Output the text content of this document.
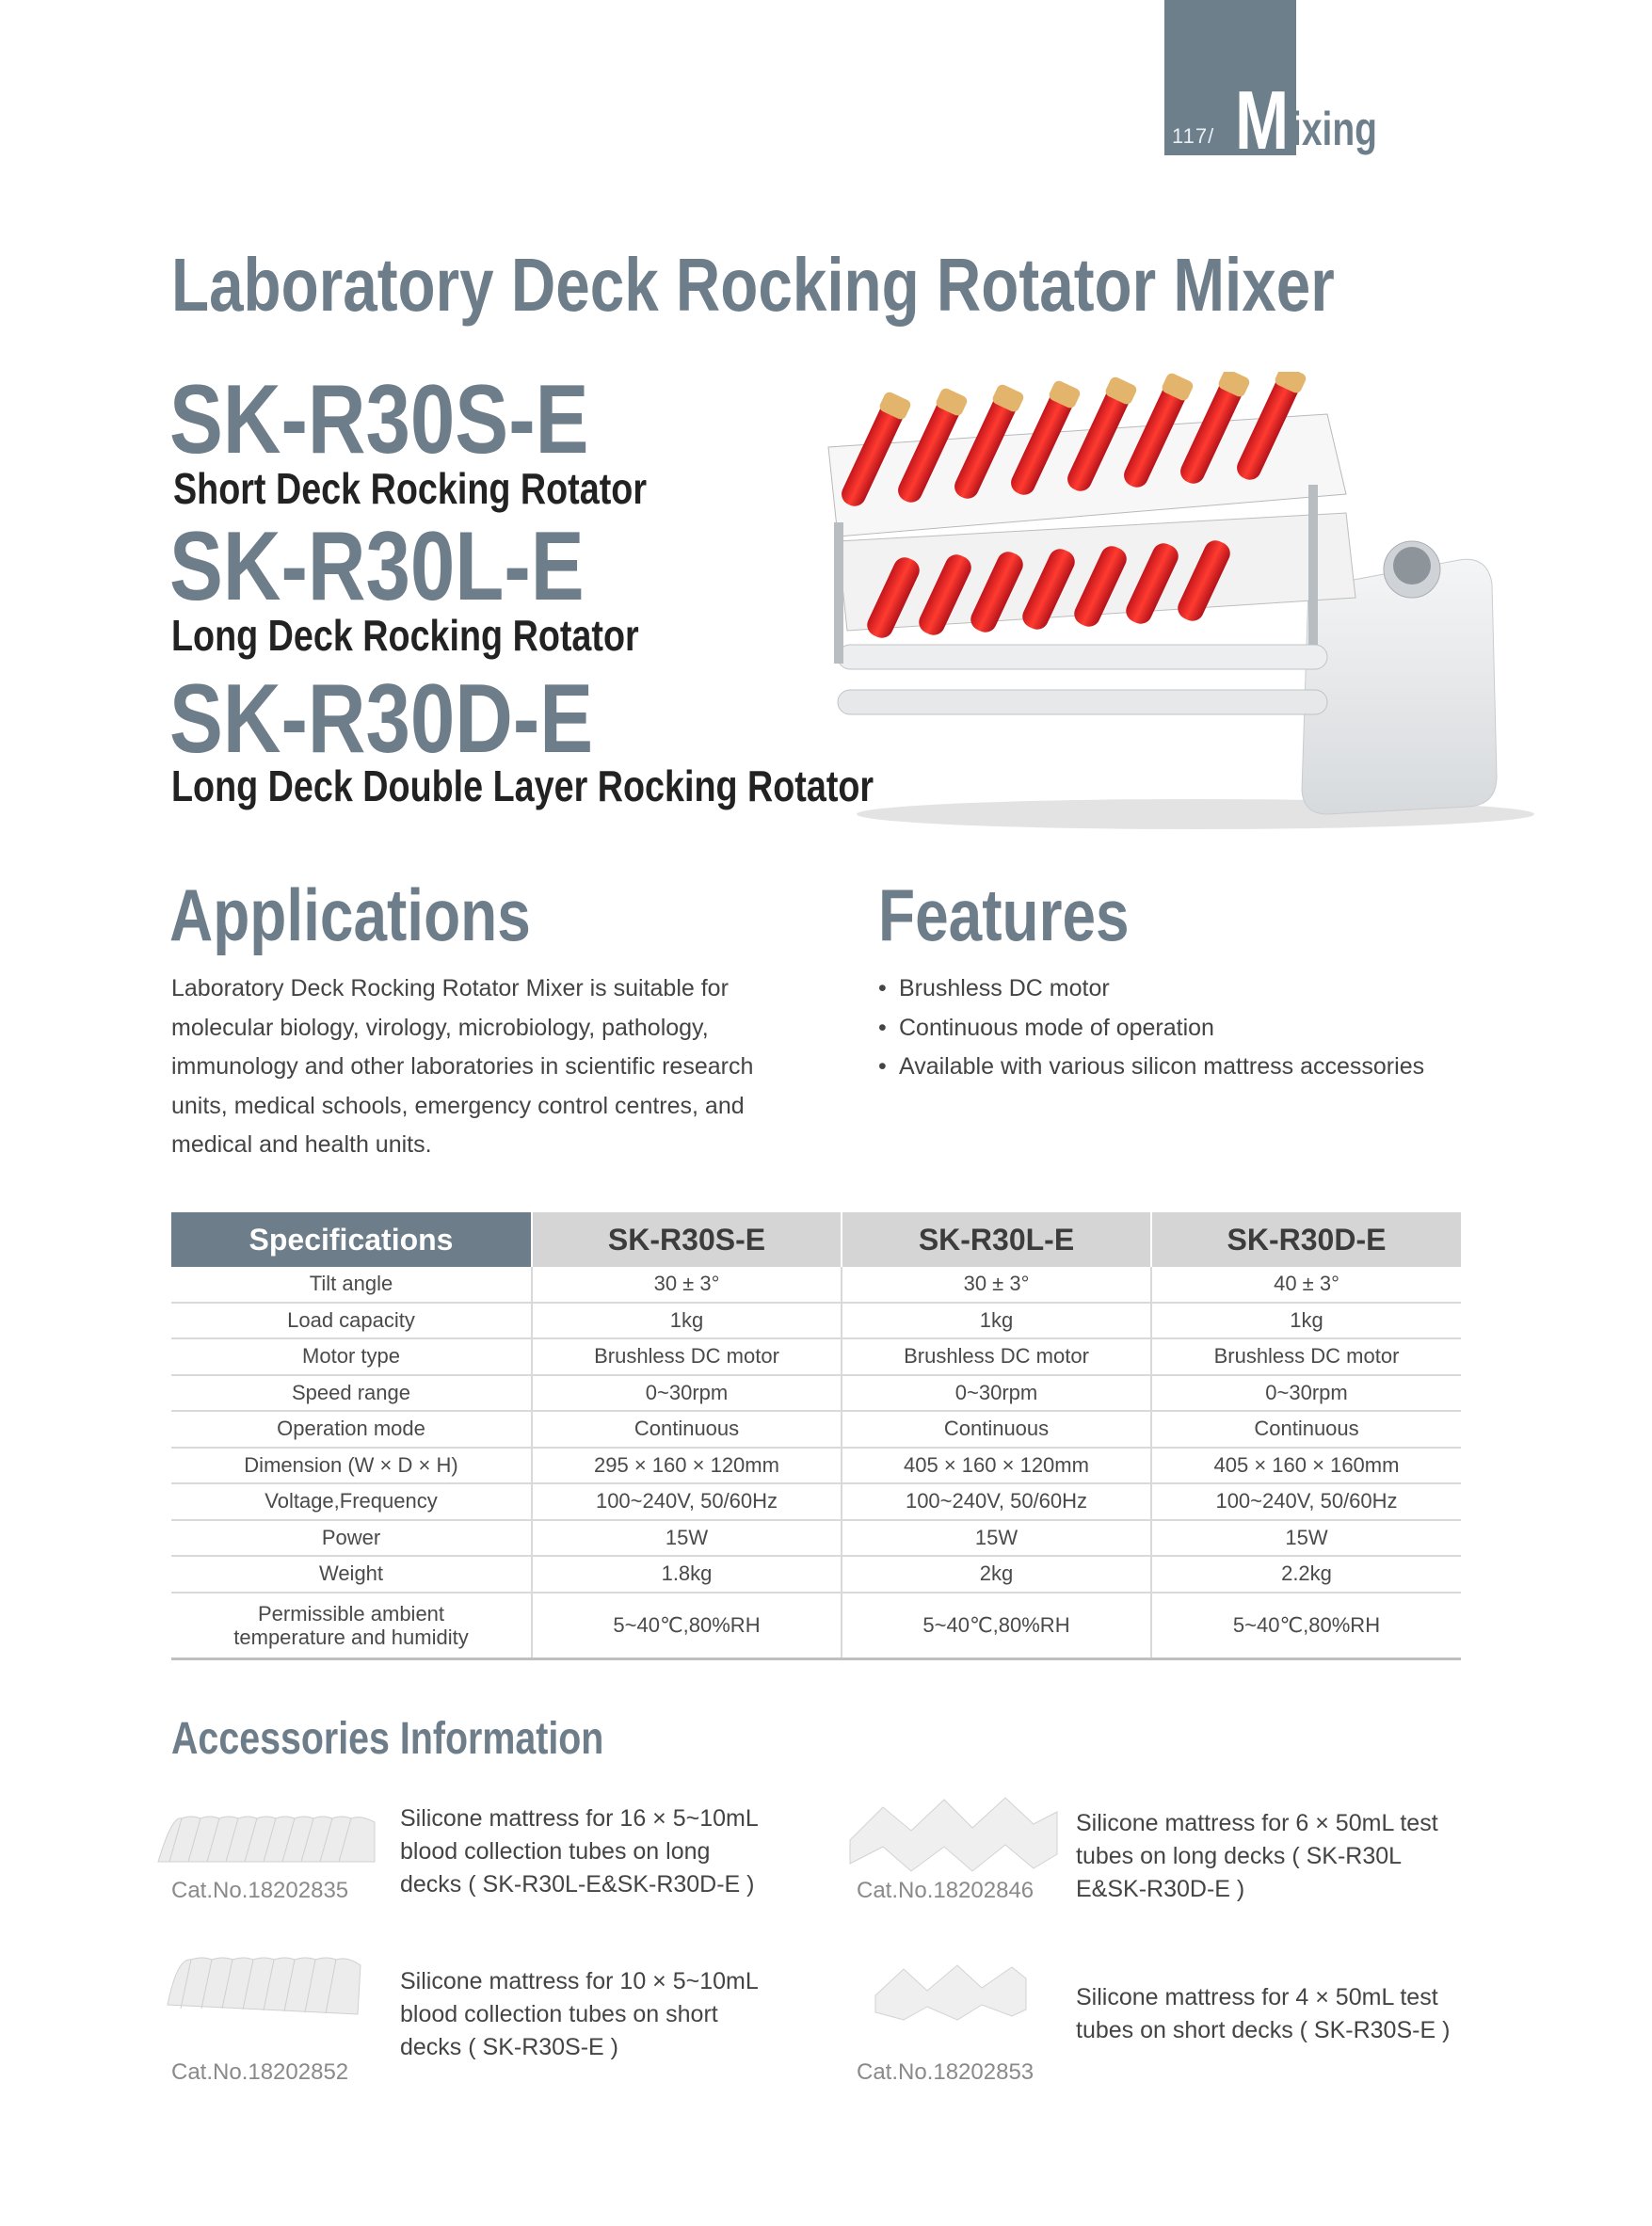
117/ M ixing
Laboratory Deck Rocking Rotator Mixer
SK-R30S-E
Short Deck Rocking Rotator
SK-R30L-E
Long Deck Rocking Rotator
SK-R30D-E
Long Deck Double Layer Rocking Rotator
Applications
Laboratory Deck Rocking Rotator Mixer is suitable for
molecular biology, virology, microbiology, pathology,
immunology and other laboratories in scientific research
units, medical schools, emergency control centres, and
medical and health units.
Features
• Brushless DC motor
• Continuous mode of operation
• Available with various silicon mattress accessories
Specifications	SK-R30S-E	SK-R30L-E	SK-R30D-E
Tilt angle	30 ± 3°	30 ± 3°	40 ± 3°
Load capacity	1kg	1kg	1kg
Motor type	Brushless DC motor	Brushless DC motor	Brushless DC motor
Speed range	0~30rpm	0~30rpm	0~30rpm
Operation mode	Continuous	Continuous	Continuous
Dimension (W × D × H)	295 × 160 × 120mm	405 × 160 × 120mm	405 × 160 × 160mm
Voltage,Frequency	100~240V, 50/60Hz	100~240V, 50/60Hz	100~240V, 50/60Hz
Power	15W	15W	15W
Weight	1.8kg	2kg	2.2kg

Permissible ambient
temperature and humidity	5~40℃,80%RH	5~40℃,80%RH	5~40℃,80%RH
Accessories Information
Cat.No.18202835
Silicone mattress for 16 × 5~10mL
blood collection tubes on long
decks ( SK-R30L-E&SK-R30D-E )	Cat.No.18202846
Silicone mattress for 6 × 50mL test
tubes on long decks ( SK-R30L
E&SK-R30D-E )
Cat.No.18202852
Silicone mattress for 10 × 5~10mL
blood collection tubes on short
decks ( SK-R30S-E )
Cat.No.18202853
Silicone mattress for 4 × 50mL test
tubes on short decks ( SK-R30S-E )
